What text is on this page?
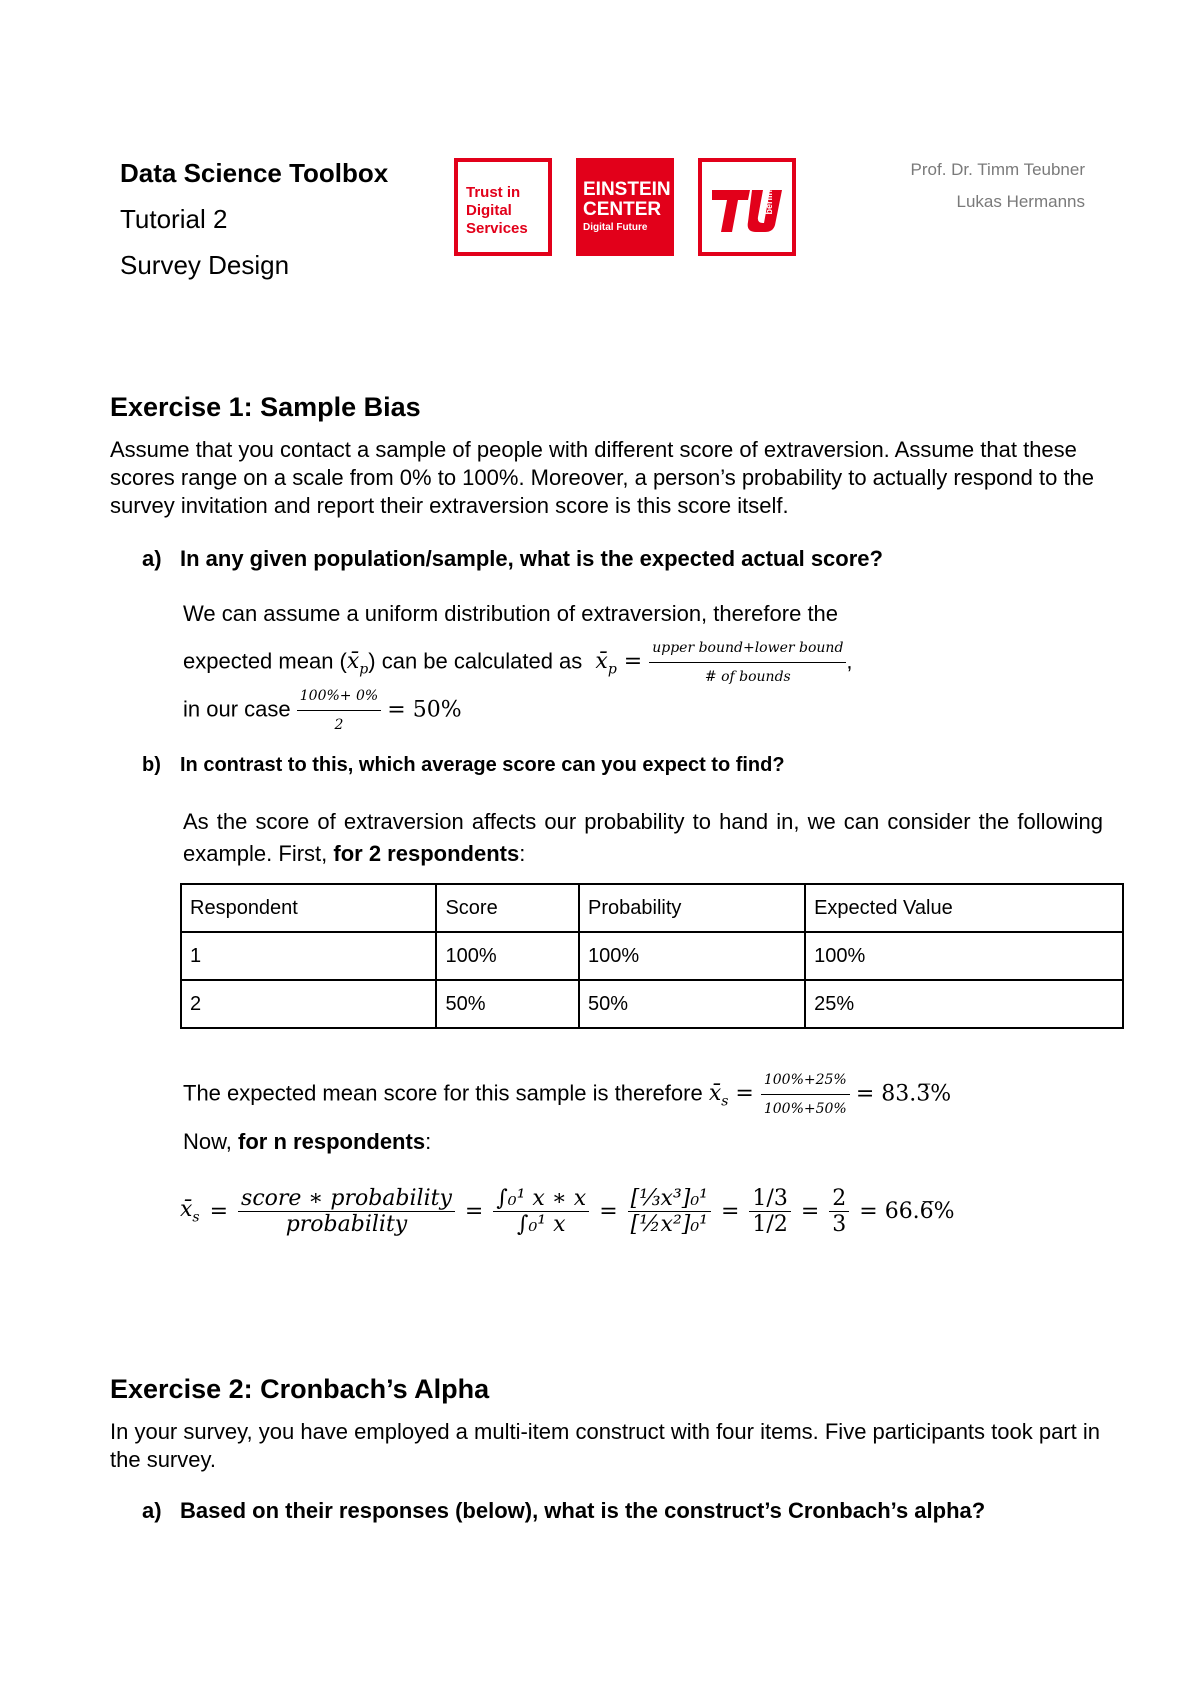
Data Science Toolbox
Tutorial 2
Survey Design
Trust in
Digital
Services
EINSTEIN
CENTER
Digital Future
berlin
Prof. Dr. Timm Teubner
Lukas Hermanns
Exercise 1: Sample Bias
Assume that you contact a sample of people with different score of extraversion. Assume that these scores range on a scale from 0% to 100%. Moreover, a person’s probability to actually respond to the survey invitation and report their extraversion score is this score itself.
a) In any given population/sample, what is the expected actual score?
We can assume a uniform distribution of extraversion, therefore the
expected mean $(x̄_p)$ can be calculated as  $x̄_p = \frac{\text{upper bound+lower bound}}{\text{\# of bounds}}$ ,
in our case $\frac{100\%+ 0\%}{2} = 50\%$
b) In contrast to this, which average score can you expect to find?
As the score of extraversion affects our probability to hand in, we can consider the following example. First, for 2 respondents:
Respondent	Score	Probability	Expected Value
1	100%	100%	100%
2	50%	50%	25%
The expected mean score for this sample is therefore $x̄_s = \frac{100\%+25\%}{100\%+50\%}$ = 83.3̅%
Now, for n respondents:
$x̄_s = \frac{\text{score ∗ probability}}{\text{probability}} = \frac{\text{∫₀¹ x ∗ x}}{\text{∫₀¹ x}} = \frac{\text{[⅓x³]₀¹}}{\text{[½x²]₀¹}} = \frac{1/3}{1/2} = \frac{2}{3}$ = 66.6̅%
Exercise 2: Cronbach’s Alpha
In your survey, you have employed a multi-item construct with four items. Five participants took part in the survey.
a) Based on their responses (below), what is the construct’s Cronbach’s alpha?
